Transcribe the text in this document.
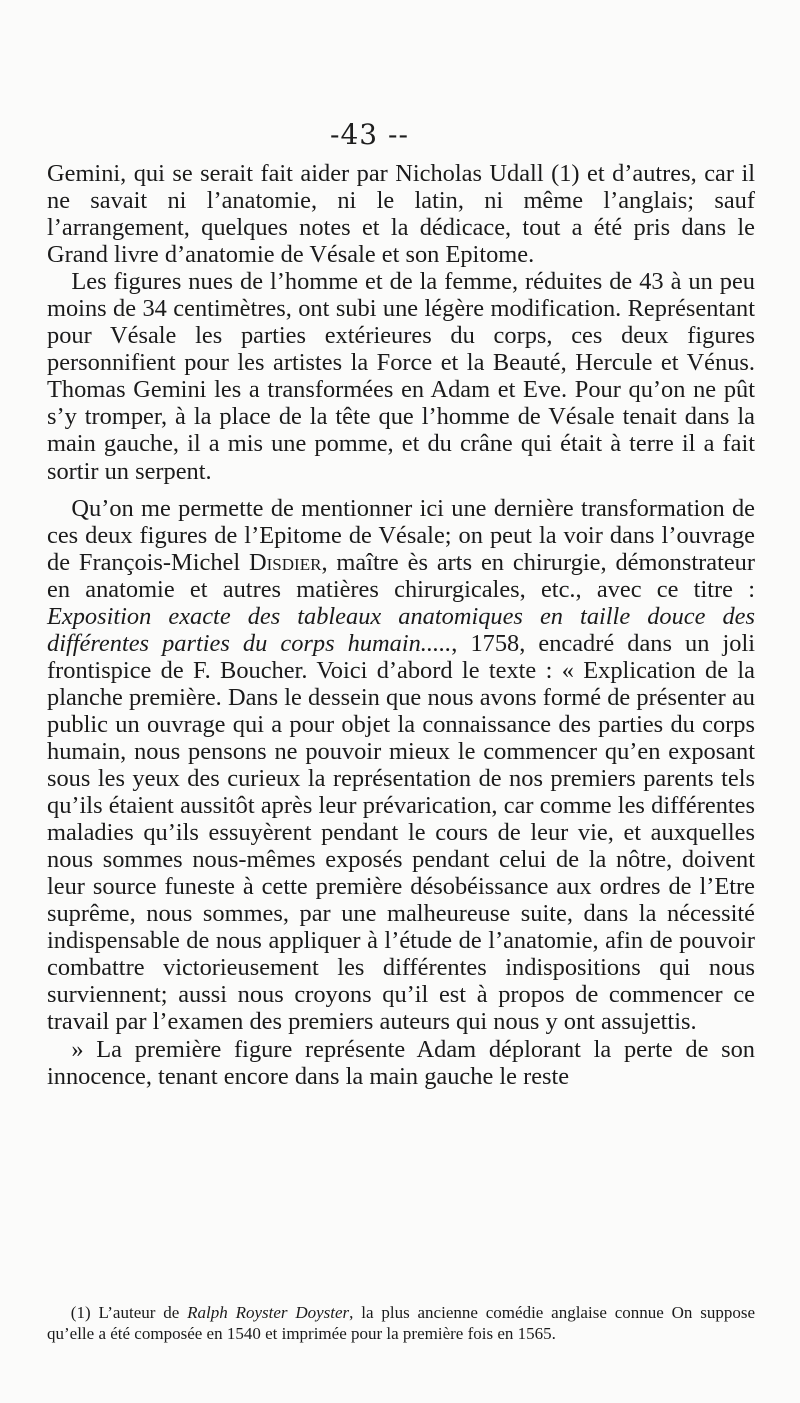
-43 --

Gemini, qui se serait fait aider par Nicholas Udall (1) et d’autres, car il ne savait ni l’anatomie, ni le latin, ni même l’anglais; sauf l’arrangement, quelques notes et la dédicace, tout a été pris dans le Grand livre d’anatomie de Vésale et son Epitome.

Les figures nues de l’homme et de la femme, réduites de 43 à un peu moins de 34 centimètres, ont subi une légère modification. Représentant pour Vésale les parties extérieures du corps, ces deux figures personnifient pour les artistes la Force et la Beauté, Hercule et Vénus. Thomas Gemini les a transformées en Adam et Eve. Pour qu’on ne pût s’y tromper, à la place de la tête que l’homme de Vésale tenait dans la main gauche, il a mis une pomme, et du crâne qui était à terre il a fait sortir un serpent.

Qu’on me permette de mentionner ici une dernière transformation de ces deux figures de l’Epitome de Vésale; on peut la voir dans l’ouvrage de François-Michel Disdier, maître ès arts en chirurgie, démonstrateur en anatomie et autres matières chirurgicales, etc., avec ce titre : Exposition exacte des tableaux anatomiques en taille douce des différentes parties du corps humain....., 1758, encadré dans un joli frontispice de F. Boucher. Voici d’abord le texte : « Explication de la planche première. Dans le dessein que nous avons formé de présenter au public un ouvrage qui a pour objet la connaissance des parties du corps humain, nous pensons ne pouvoir mieux le commencer qu’en exposant sous les yeux des curieux la représentation de nos premiers parents tels qu’ils étaient aussitôt après leur prévarication, car comme les différentes maladies qu’ils essuyèrent pendant le cours de leur vie, et auxquelles nous sommes nous-mêmes exposés pendant celui de la nôtre, doivent leur source funeste à cette première désobéissance aux ordres de l’Etre suprême, nous sommes, par une malheureuse suite, dans la nécessité indispensable de nous appliquer à l’étude de l’anatomie, afin de pouvoir combattre victorieusement les différentes indispositions qui nous surviennent; aussi nous croyons qu’il est à propos de commencer ce travail par l’examen des premiers auteurs qui nous y ont assujettis.

» La première figure représente Adam déplorant la perte de son innocence, tenant encore dans la main gauche le reste

(1) L’auteur de Ralph Royster Doyster, la plus ancienne comédie anglaise connue On suppose qu’elle a été composée en 1540 et imprimée pour la première fois en 1565.
